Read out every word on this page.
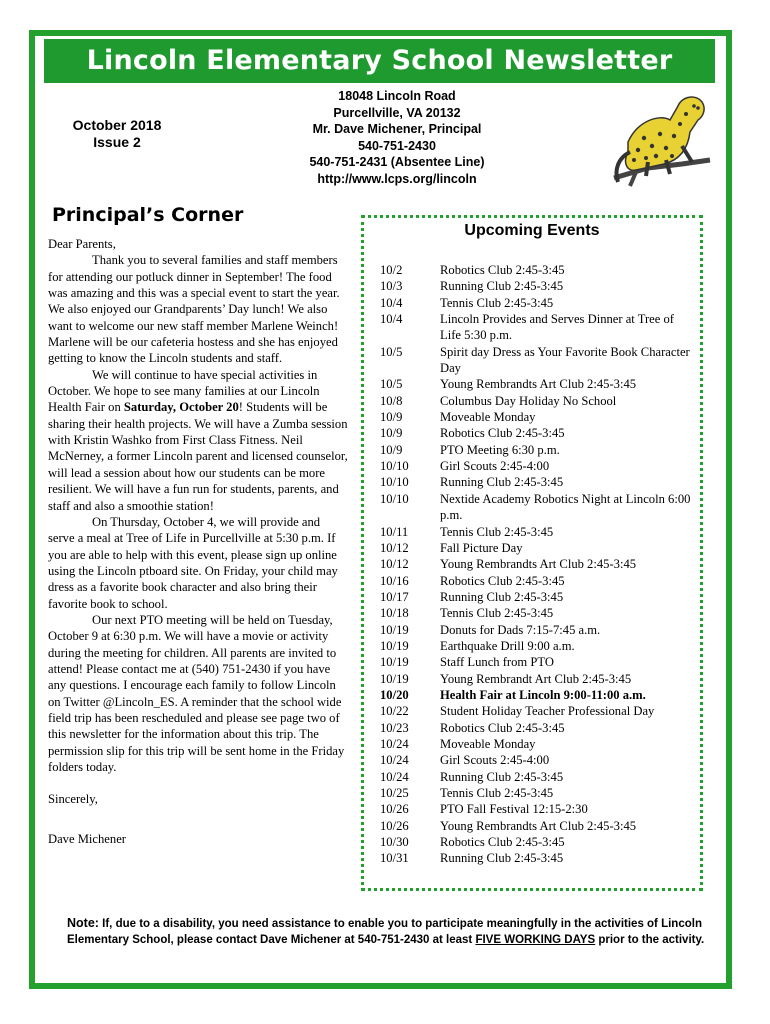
Lincoln Elementary School Newsletter
October 2018
Issue 2
18048 Lincoln Road
Purcellville, VA 20132
Mr. Dave Michener, Principal
540-751-2430
540-751-2431 (Absentee Line)
http://www.lcps.org/lincoln
Principal’s Corner

Dear Parents,

Thank you to several families and staff members for attending our potluck dinner in September! The food was amazing and this was a special event to start the year. We also enjoyed our Grandparents’ Day lunch! We also want to welcome our new staff member Marlene Weinch! Marlene will be our cafeteria hostess and she has enjoyed getting to know the Lincoln students and staff.

We will continue to have special activities in October. We hope to see many families at our Lincoln Health Fair on Saturday, October 20! Students will be sharing their health projects. We will have a Zumba session with Kristin Washko from First Class Fitness. Neil McNerney, a former Lincoln parent and licensed counselor, will lead a session about how our students can be more resilient. We will have a fun run for students, parents, and staff and also a smoothie station!

On Thursday, October 4, we will provide and serve a meal at Tree of Life in Purcellville at 5:30 p.m. If you are able to help with this event, please sign up online using the Lincoln ptboard site. On Friday, your child may dress as a favorite book character and also bring their favorite book to school.

Our next PTO meeting will be held on Tuesday, October 9 at 6:30 p.m. We will have a movie or activity during the meeting for children. All parents are invited to attend! Please contact me at (540) 751-2430 if you have any questions. I encourage each family to follow Lincoln on Twitter @Lincoln_ES. A reminder that the school wide field trip has been rescheduled and please see page two of this newsletter for the information about this trip. The permission slip for this trip will be sent home in the Friday folders today.

Sincerely,

Dave Michener

Upcoming Events
10/2	Robotics Club 2:45-3:45
10/3	Running Club 2:45-3:45
10/4	Tennis Club 2:45-3:45
10/4	Lincoln Provides and Serves Dinner at Tree of Life 5:30 p.m.
10/5	Spirit day Dress as Your Favorite Book Character Day
10/5	Young Rembrandts Art Club 2:45-3:45
10/8	Columbus Day Holiday No School
10/9	Moveable Monday
10/9	Robotics Club 2:45-3:45
10/9	PTO Meeting 6:30 p.m.
10/10	Girl Scouts 2:45-4:00
10/10	Running Club 2:45-3:45
10/10	Nextide Academy Robotics Night at Lincoln 6:00 p.m.
10/11	Tennis Club 2:45-3:45
10/12	Fall Picture Day
10/12	Young Rembrandts Art Club 2:45-3:45
10/16	Robotics Club 2:45-3:45
10/17	Running Club 2:45-3:45
10/18	Tennis Club 2:45-3:45
10/19	Donuts for Dads 7:15-7:45 a.m.
10/19	Earthquake Drill 9:00 a.m.
10/19	Staff Lunch from PTO
10/19	Young Rembrandt Art Club 2:45-3:45
10/20	Health Fair at Lincoln 9:00-11:00 a.m.
10/22	Student Holiday Teacher Professional Day
10/23	Robotics Club 2:45-3:45
10/24	Moveable Monday
10/24	Girl Scouts 2:45-4:00
10/24	Running Club 2:45-3:45
10/25	Tennis Club 2:45-3:45
10/26	PTO Fall Festival 12:15-2:30
10/26	Young Rembrandts Art Club 2:45-3:45
10/30	Robotics Club 2:45-3:45
10/31	Running Club 2:45-3:45
Note: If, due to a disability, you need assistance to enable you to participate meaningfully in the activities of Lincoln Elementary School, please contact Dave Michener at 540-751-2430 at least FIVE WORKING DAYS prior to the activity.
